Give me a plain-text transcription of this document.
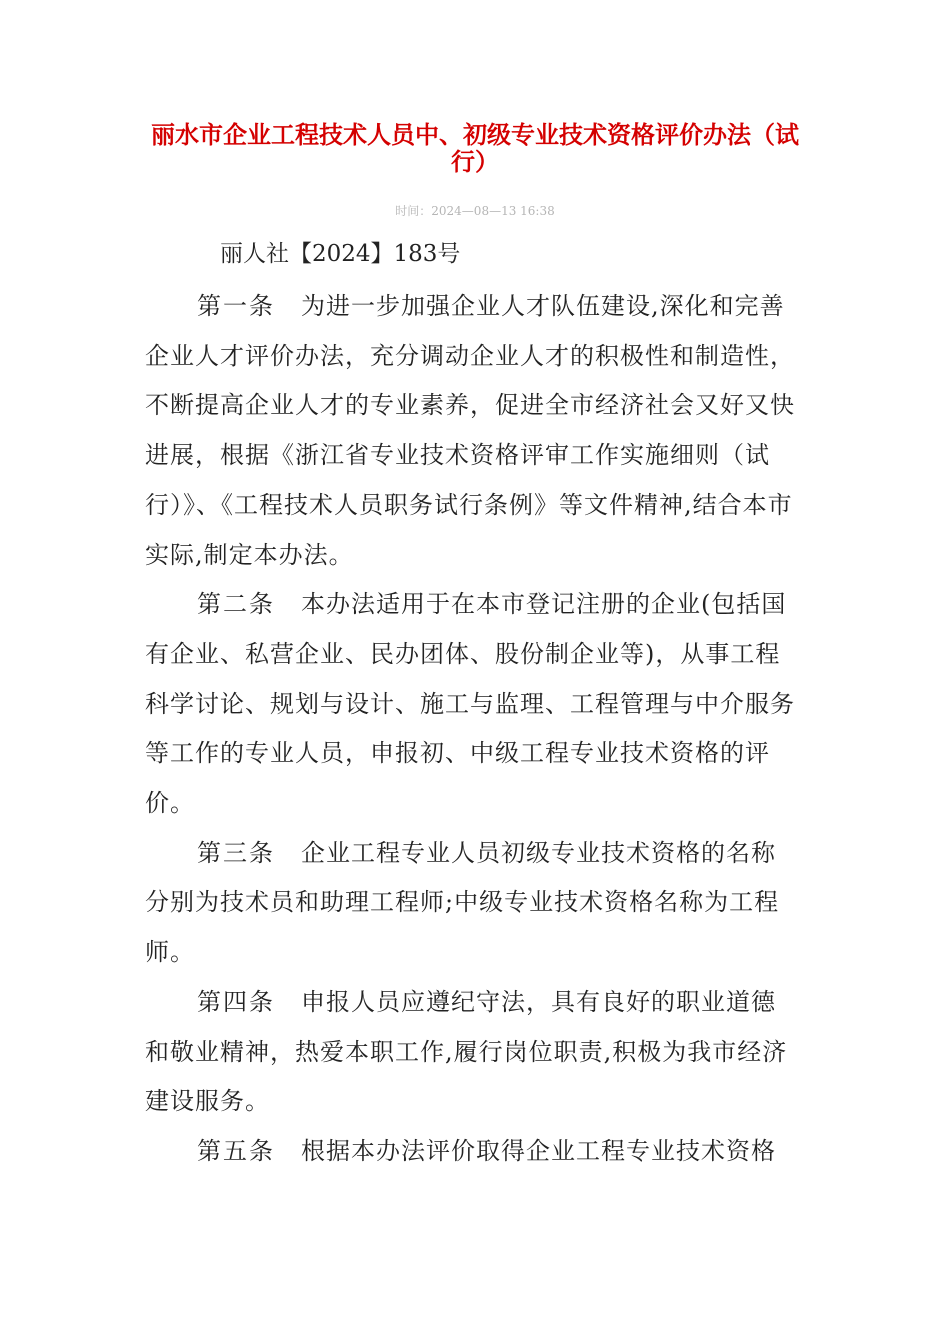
丽水市企业工程技术人员中、初级专业技术资格评价办法（试行）
时间：2024—08—13 16:38
丽人社【2024】183号

第一条 为进一步加强企业人才队伍建设,深化和完善企业人才评价办法，充分调动企业人才的积极性和制造性，不断提高企业人才的专业素养，促进全市经济社会又好又快进展，根据《浙江省专业技术资格评审工作实施细则（试行）》、《工程技术人员职务试行条例》等文件精神,结合本市实际,制定本办法。

第二条 本办法适用于在本市登记注册的企业(包括国有企业、私营企业、民办团体、股份制企业等)，从事工程科学讨论、规划与设计、施工与监理、工程管理与中介服务等工作的专业人员，申报初、中级工程专业技术资格的评价。

第三条 企业工程专业人员初级专业技术资格的名称分别为技术员和助理工程师;中级专业技术资格名称为工程师。

第四条 申报人员应遵纪守法，具有良好的职业道德和敬业精神，热爱本职工作,履行岗位职责,积极为我市经济建设服务。

第五条 根据本办法评价取得企业工程专业技术资格
